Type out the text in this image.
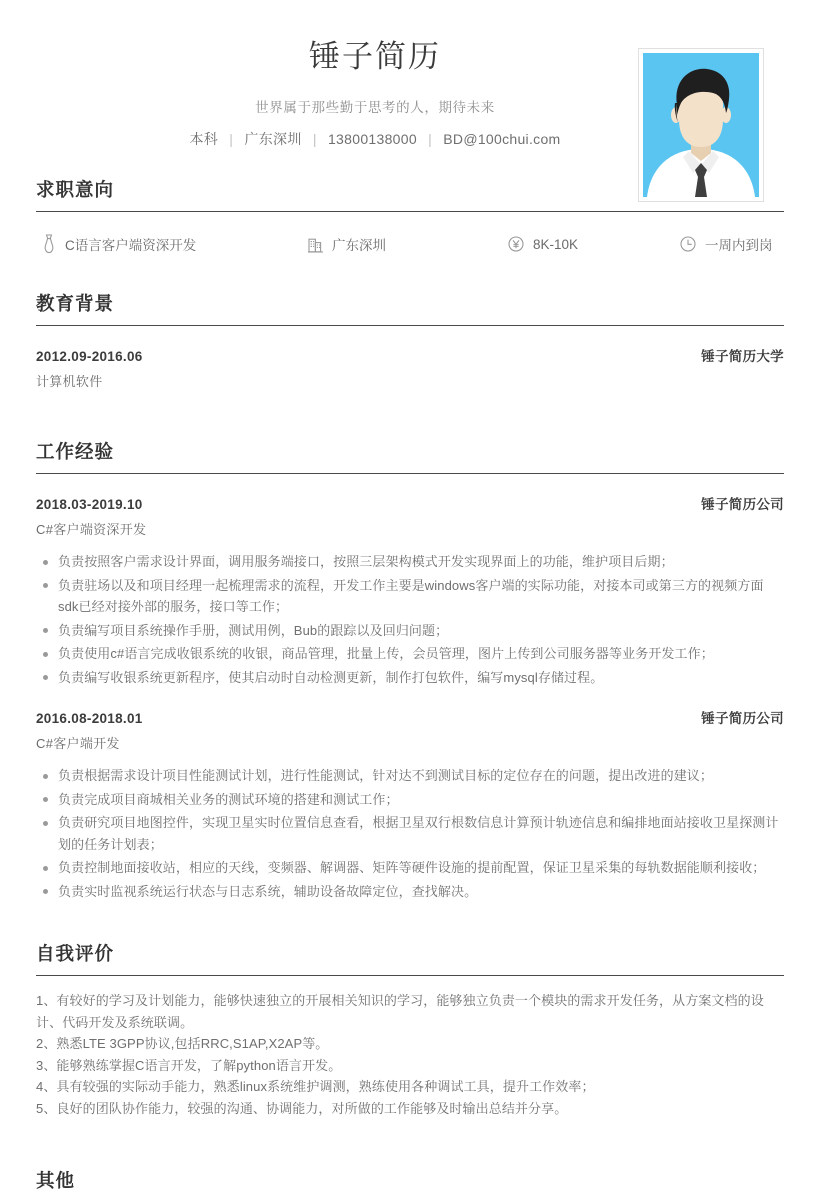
锤子简历
世界属于那些勤于思考的人，期待未来
本科 | 广东深圳 | 13800138000 | BD@100chui.com
求职意向
C语言客户端资深开发	广东深圳	8K-10K	一周内到岗
教育背景
2012.09-2016.06	锤子简历大学
计算机软件
工作经验
2018.03-2019.10	锤子简历公司
C#客户端资深开发
负责按照客户需求设计界面，调用服务端接口，按照三层架构模式开发实现界面上的功能，维护项目后期；
负责驻场以及和项目经理一起梳理需求的流程，开发工作主要是windows客户端的实际功能，对接本司或第三方的视频方面sdk已经对接外部的服务，接口等工作；
负责编写项目系统操作手册，测试用例，Bub的跟踪以及回归问题；
负责使用c#语言完成收银系统的收银，商品管理，批量上传，会员管理，图片上传到公司服务器等业务开发工作；
负责编写收银系统更新程序，使其启动时自动检测更新，制作打包软件，编写mysql存储过程。
2016.08-2018.01	锤子简历公司
C#客户端开发
负责根据需求设计项目性能测试计划，进行性能测试，针对达不到测试目标的定位存在的问题，提出改进的建议；
负责完成项目商城相关业务的测试环境的搭建和测试工作；
负责研究项目地图控件，实现卫星实时位置信息查看，根据卫星双行根数信息计算预计轨迹信息和编排地面站接收卫星探测计划的任务计划表；
负责控制地面接收站，相应的天线，变频器、解调器、矩阵等硬件设施的提前配置，保证卫星采集的每轨数据能顺利接收；
负责实时监视系统运行状态与日志系统，辅助设备故障定位，查找解决。
自我评价

1、有较好的学习及计划能力，能够快速独立的开展相关知识的学习，能够独立负责一个模块的需求开发任务，从方案文档的设计、代码开发及系统联调。

2、熟悉LTE 3GPP协议,包括RRC,S1AP,X2AP等。

3、能够熟练掌握C语言开发，了解python语言开发。

4、具有较强的实际动手能力，熟悉linux系统维护调测，熟练使用各种调试工具，提升工作效率；

5、良好的团队协作能力，较强的沟通、协调能力，对所做的工作能够及时输出总结并分享。

其他
